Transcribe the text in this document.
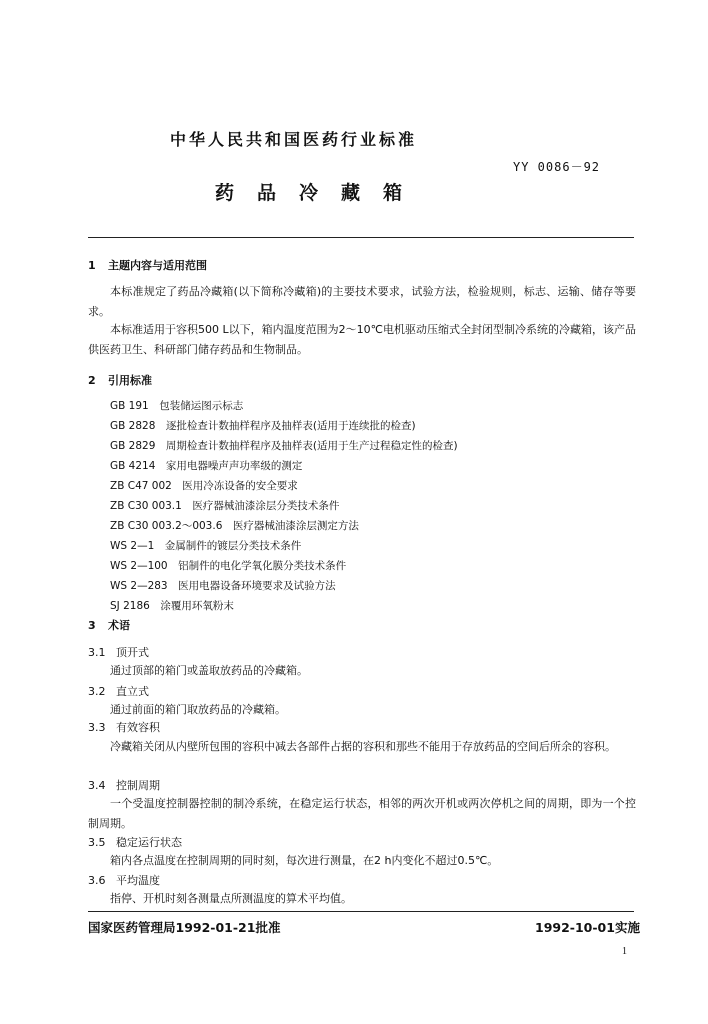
中华人民共和国医药行业标准
YY 0086－92
药品冷藏箱
1 主题内容与适用范围
本标准规定了药品冷藏箱(以下简称冷藏箱)的主要技术要求，试验方法，检验规则，标志、运输、储存等要求。
本标准适用于容积500 L以下，箱内温度范围为2～10℃电机驱动压缩式全封闭型制冷系统的冷藏箱，该产品供医药卫生、科研部门储存药品和生物制品。
2 引用标准
GB 191　包装储运图示标志
GB 2828　逐批检查计数抽样程序及抽样表(适用于连续批的检查)
GB 2829　周期检查计数抽样程序及抽样表(适用于生产过程稳定性的检查)
GB 4214　家用电器噪声声功率级的测定
ZB C47 002　医用冷冻设备的安全要求
ZB C30 003.1　医疗器械油漆涂层分类技术条件
ZB C30 003.2～003.6　医疗器械油漆涂层测定方法
WS 2—1　金属制件的镀层分类技术条件
WS 2—100　铝制件的电化学氧化膜分类技术条件
WS 2—283　医用电器设备环境要求及试验方法
SJ 2186　涂覆用环氧粉末
3 术语
3.1 顶开式
通过顶部的箱门或盖取放药品的冷藏箱。
3.2 直立式
通过前面的箱门取放药品的冷藏箱。
3.3 有效容积
冷藏箱关闭从内壁所包围的容积中减去各部件占据的容积和那些不能用于存放药品的空间后所余的容积。
3.4 控制周期
一个受温度控制器控制的制冷系统，在稳定运行状态，相邻的两次开机或两次停机之间的周期，即为一个控制周期。
3.5 稳定运行状态
箱内各点温度在控制周期的同时刻，每次进行测量，在2 h内变化不超过0.5℃。
3.6 平均温度
指停、开机时刻各测量点所测温度的算术平均值。
国家医药管理局1992-01-21批准	1992-10-01实施
1
